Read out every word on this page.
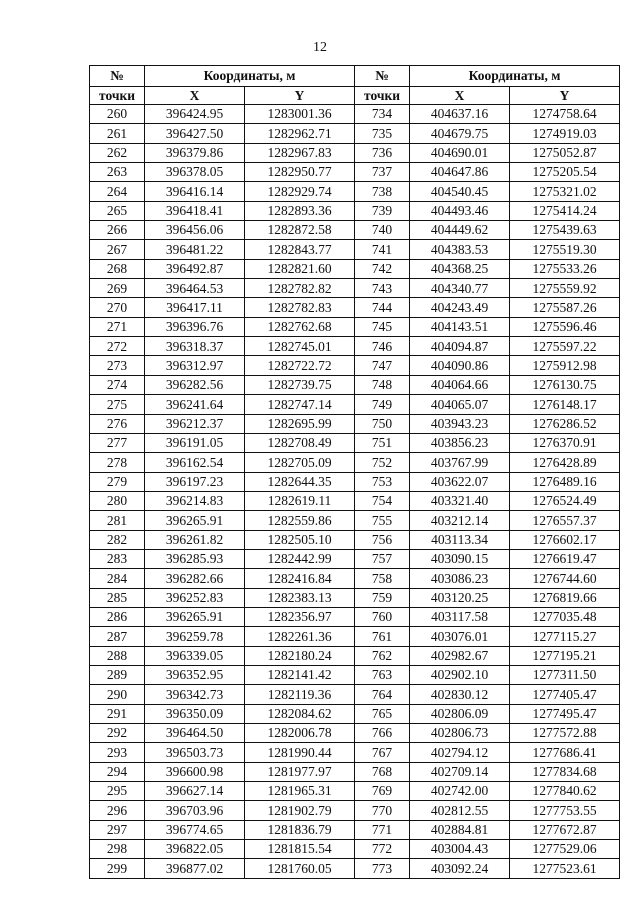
12
№	Координаты, м		№	Координаты, м	
точки	X	Y	точки	X	Y
260	396424.95	1283001.36	734	404637.16	1274758.64
261	396427.50	1282962.71	735	404679.75	1274919.03
262	396379.86	1282967.83	736	404690.01	1275052.87
263	396378.05	1282950.77	737	404647.86	1275205.54
264	396416.14	1282929.74	738	404540.45	1275321.02
265	396418.41	1282893.36	739	404493.46	1275414.24
266	396456.06	1282872.58	740	404449.62	1275439.63
267	396481.22	1282843.77	741	404383.53	1275519.30
268	396492.87	1282821.60	742	404368.25	1275533.26
269	396464.53	1282782.82	743	404340.77	1275559.92
270	396417.11	1282782.83	744	404243.49	1275587.26
271	396396.76	1282762.68	745	404143.51	1275596.46
272	396318.37	1282745.01	746	404094.87	1275597.22
273	396312.97	1282722.72	747	404090.86	1275912.98
274	396282.56	1282739.75	748	404064.66	1276130.75
275	396241.64	1282747.14	749	404065.07	1276148.17
276	396212.37	1282695.99	750	403943.23	1276286.52
277	396191.05	1282708.49	751	403856.23	1276370.91
278	396162.54	1282705.09	752	403767.99	1276428.89
279	396197.23	1282644.35	753	403622.07	1276489.16
280	396214.83	1282619.11	754	403321.40	1276524.49
281	396265.91	1282559.86	755	403212.14	1276557.37
282	396261.82	1282505.10	756	403113.34	1276602.17
283	396285.93	1282442.99	757	403090.15	1276619.47
284	396282.66	1282416.84	758	403086.23	1276744.60
285	396252.83	1282383.13	759	403120.25	1276819.66
286	396265.91	1282356.97	760	403117.58	1277035.48
287	396259.78	1282261.36	761	403076.01	1277115.27
288	396339.05	1282180.24	762	402982.67	1277195.21
289	396352.95	1282141.42	763	402902.10	1277311.50
290	396342.73	1282119.36	764	402830.12	1277405.47
291	396350.09	1282084.62	765	402806.09	1277495.47
292	396464.50	1282006.78	766	402806.73	1277572.88
293	396503.73	1281990.44	767	402794.12	1277686.41
294	396600.98	1281977.97	768	402709.14	1277834.68
295	396627.14	1281965.31	769	402742.00	1277840.62
296	396703.96	1281902.79	770	402812.55	1277753.55
297	396774.65	1281836.79	771	402884.81	1277672.87
298	396822.05	1281815.54	772	403004.43	1277529.06
299	396877.02	1281760.05	773	403092.24	1277523.61
